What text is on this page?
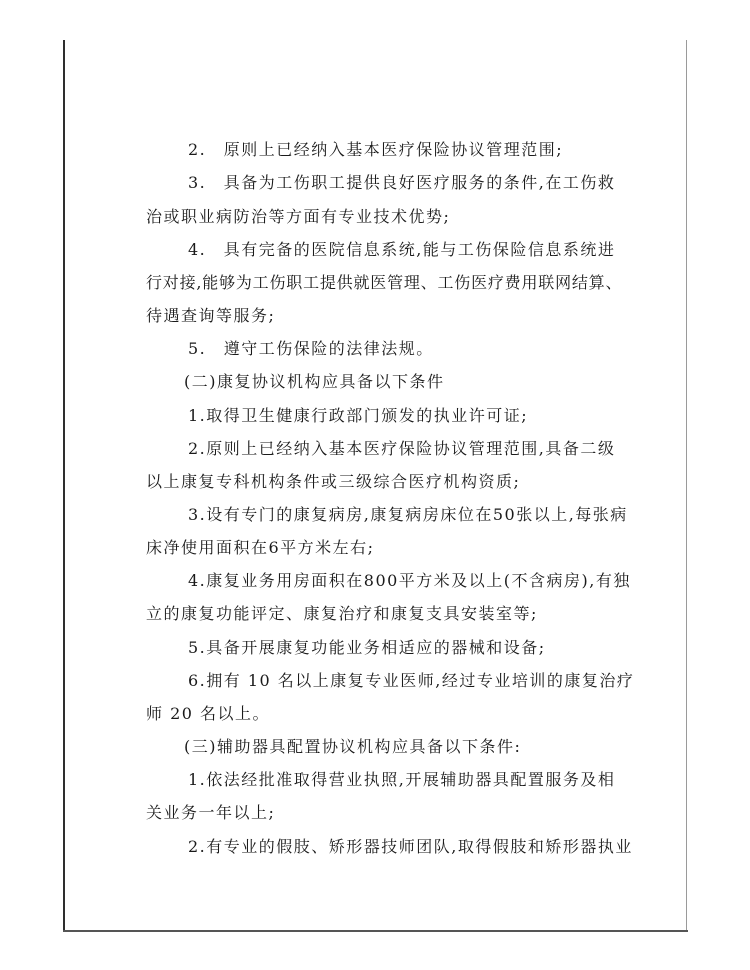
2.　原则上已经纳入基本医疗保险协议管理范围;
3.　具备为工伤职工提供良好医疗服务的条件,在工伤救
治或职业病防治等方面有专业技术优势;
4.　具有完备的医院信息系统,能与工伤保险信息系统进
行对接,能够为工伤职工提供就医管理、工伤医疗费用联网结算、
待遇查询等服务;
5.　遵守工伤保险的法律法规。
(二)康复协议机构应具备以下条件
1.取得卫生健康行政部门颁发的执业许可证;
2.原则上已经纳入基本医疗保险协议管理范围,具备二级
以上康复专科机构条件或三级综合医疗机构资质;
3.设有专门的康复病房,康复病房床位在50张以上,每张病
床净使用面积在6平方米左右;
4.康复业务用房面积在800平方米及以上(不含病房),有独
立的康复功能评定、康复治疗和康复支具安装室等;
5.具备开展康复功能业务相适应的器械和设备;
6.拥有 10 名以上康复专业医师,经过专业培训的康复治疗
师 20 名以上。
(三)辅助器具配置协议机构应具备以下条件:
1.依法经批准取得营业执照,开展辅助器具配置服务及相
关业务一年以上;
2.有专业的假肢、矫形器技师团队,取得假肢和矫形器执业
